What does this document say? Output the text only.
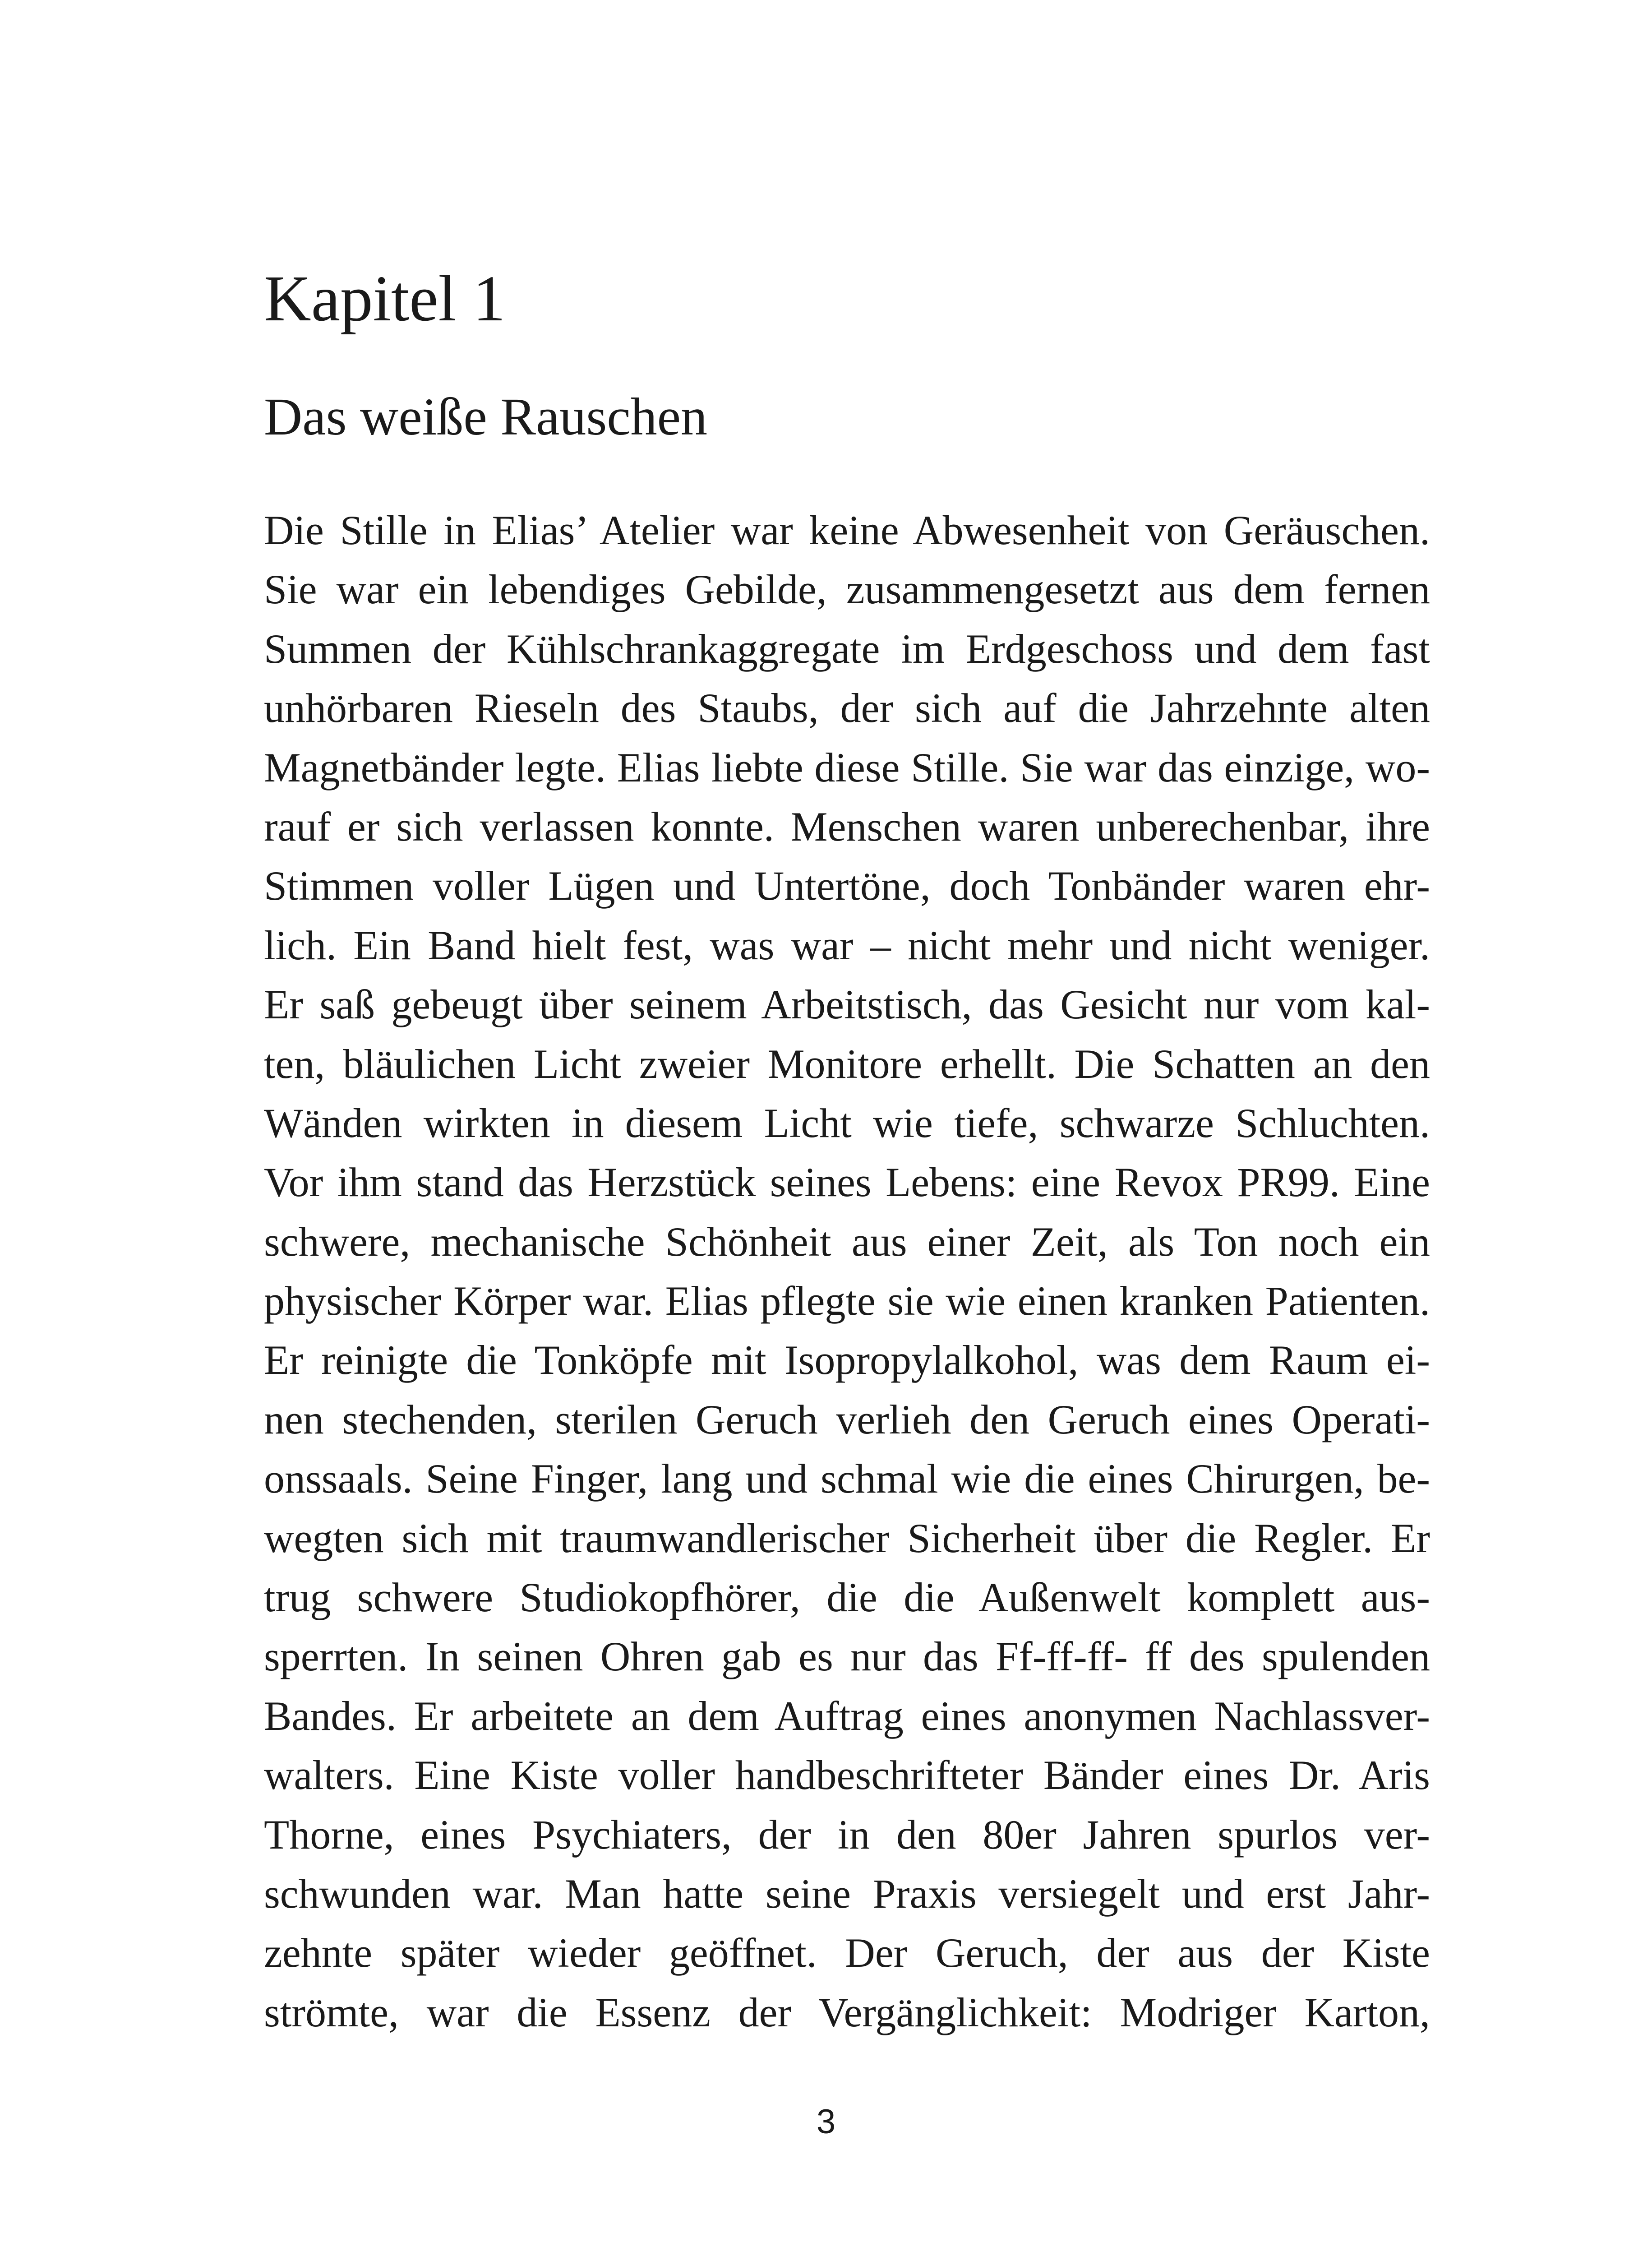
Kapitel 1
Das weiße Rauschen
Die Stille in Elias’ Atelier war keine Abwesenheit von Geräuschen.
Sie war ein lebendiges Gebilde, zusammengesetzt aus dem fernen
Summen der Kühlschrankaggregate im Erdgeschoss und dem fast
unhörbaren Rieseln des Staubs, der sich auf die Jahrzehnte alten
Magnetbänder legte. Elias liebte diese Stille. Sie war das einzige, wo-
rauf er sich verlassen konnte. Menschen waren unberechenbar, ihre
Stimmen voller Lügen und Untertöne, doch Tonbänder waren ehr-
lich. Ein Band hielt fest, was war – nicht mehr und nicht weniger.
Er saß gebeugt über seinem Arbeitstisch, das Gesicht nur vom kal-
ten, bläulichen Licht zweier Monitore erhellt. Die Schatten an den
Wänden wirkten in diesem Licht wie tiefe, schwarze Schluchten.
Vor ihm stand das Herzstück seines Lebens: eine Revox PR99. Eine
schwere, mechanische Schönheit aus einer Zeit, als Ton noch ein
physischer Körper war. Elias pflegte sie wie einen kranken Patienten.
Er reinigte die Tonköpfe mit Isopropylalkohol, was dem Raum ei-
nen stechenden, sterilen Geruch verlieh den Geruch eines Operati-
onssaals. Seine Finger, lang und schmal wie die eines Chirurgen, be-
wegten sich mit traumwandlerischer Sicherheit über die Regler. Er
trug schwere Studiokopfhörer, die die Außenwelt komplett aus-
sperrten. In seinen Ohren gab es nur das Ff-ff-ff- ff des spulenden
Bandes. Er arbeitete an dem Auftrag eines anonymen Nachlassver-
walters. Eine Kiste voller handbeschrifteter Bänder eines Dr. Aris
Thorne, eines Psychiaters, der in den 80er Jahren spurlos ver-
schwunden war. Man hatte seine Praxis versiegelt und erst Jahr-
zehnte später wieder geöffnet. Der Geruch, der aus der Kiste
strömte, war die Essenz der Vergänglichkeit: Modriger Karton,
3
